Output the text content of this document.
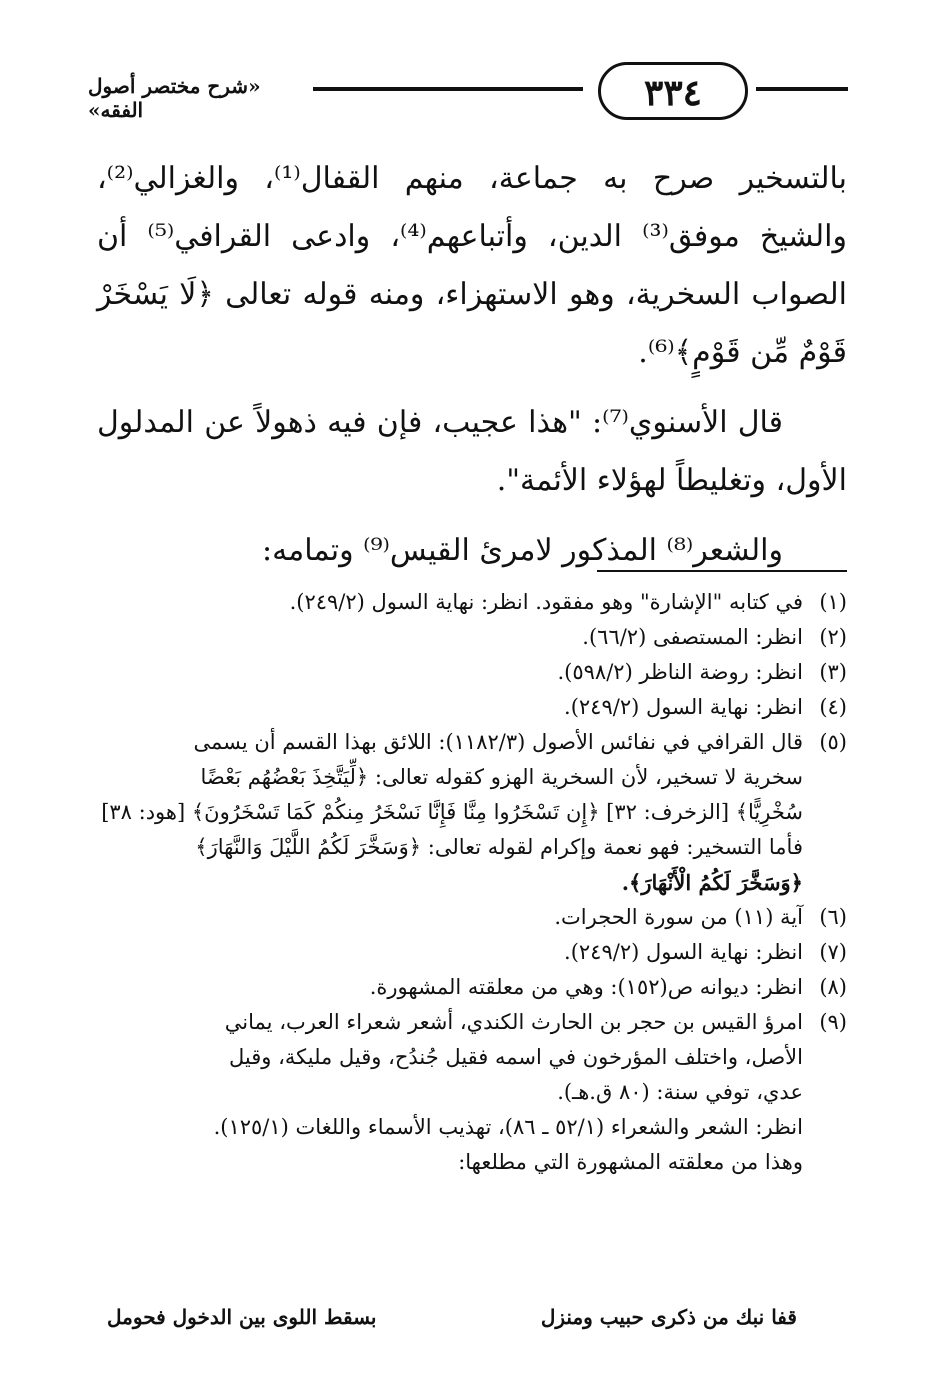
٣٣٤
«شرح مختصر أصول الفقه»

بالتسخير صرح به جماعة، منهم القفال⁽¹⁾، والغزالي⁽²⁾، والشيخ موفق⁽³⁾ الدين، وأتباعهم⁽⁴⁾، وادعى القرافي⁽⁵⁾ أن الصواب السخرية، وهو الاستهزاء، ومنه قوله تعالى ﴿لَا يَسْخَرْ قَوْمٌ مِّن قَوْمٍ﴾⁽⁶⁾.

قال الأسنوي⁽⁷⁾: "هذا عجيب، فإن فيه ذهولاً عن المدلول الأول، وتغليطاً لهؤلاء الأئمة".

والشعر⁽⁸⁾ المذكور لامرئ القيس⁽⁹⁾ وتمامه:

(١)
في كتابه "الإشارة" وهو مفقود. انظر: نهاية السول (٢٤٩/٢).
(٢)
انظر: المستصفى (٦٦/٢).
(٣)
انظر: روضة الناظر (٥٩٨/٢).
(٤)
انظر: نهاية السول (٢٤٩/٢).
(٥)
قال القرافي في نفائس الأصول (١١٨٢/٣): اللائق بهذا القسم أن يسمى
سخرية لا تسخير، لأن السخرية الهزو كقوله تعالى: ﴿لِّيَتَّخِذَ بَعْضُهُم بَعْضًا
سُخْرِيًّا﴾ [الزخرف: ٣٢] ﴿إِن تَسْخَرُوا مِنَّا فَإِنَّا نَسْخَرُ مِنكُمْ كَمَا تَسْخَرُونَ﴾ [هود: ٣٨]
فأما التسخير: فهو نعمة وإكرام لقوله تعالى: ﴿وَسَخَّرَ لَكُمُ اللَّيْلَ وَالنَّهَارَ﴾
﴿وَسَخَّرَ لَكُمُ الْأَنْهَارَ﴾.
(٦)
آية (١١) من سورة الحجرات.
(٧)
انظر: نهاية السول (٢٤٩/٢).
(٨)
انظر: ديوانه ص(١٥٢): وهي من معلقته المشهورة.
(٩)
امرؤ القيس بن حجر بن الحارث الكندي، أشعر شعراء العرب، يماني
الأصل، واختلف المؤرخون في اسمه فقيل جُندُح، وقيل مليكة، وقيل
عدي، توفي سنة: (٨٠ ق.هـ).
انظر: الشعر والشعراء (٥٢/١ ـ ٨٦)، تهذيب الأسماء واللغات (١٢٥/١).
وهذا من معلقته المشهورة التي مطلعها:
قفا نبك من ذكرى حبيب ومنزل
بسقط اللوى بين الدخول فحومل
